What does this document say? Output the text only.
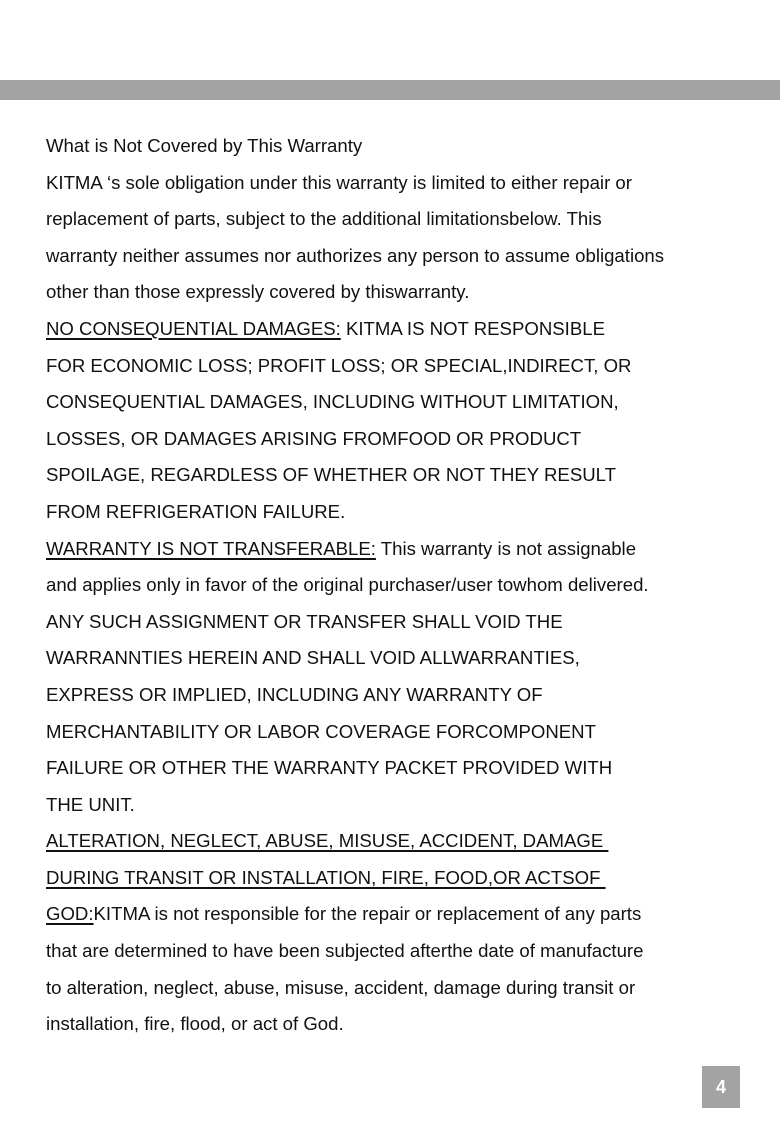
What is Not Covered by This Warranty
KITMA ‘s sole obligation under this warranty is limited to either repair or
replacement of parts, subject to the additional limitationsbelow. This
warranty neither assumes nor authorizes any person to assume obligations
other than those expressly covered by thiswarranty.
NO CONSEQUENTIAL DAMAGES: KITMA IS NOT RESPONSIBLE
FOR ECONOMIC LOSS; PROFIT LOSS; OR SPECIAL,INDIRECT, OR
CONSEQUENTIAL DAMAGES, INCLUDING WITHOUT LIMITATION,
LOSSES, OR DAMAGES ARISING FROMFOOD OR PRODUCT
SPOILAGE, REGARDLESS OF WHETHER OR NOT THEY RESULT
FROM REFRIGERATION FAILURE.
WARRANTY IS NOT TRANSFERABLE: This warranty is not assignable
and applies only in favor of the original purchaser/user towhom delivered.
ANY SUCH ASSIGNMENT OR TRANSFER SHALL VOID THE
WARRANNTIES HEREIN AND SHALL VOID ALLWARRANTIES,
EXPRESS OR IMPLIED, INCLUDING ANY WARRANTY OF
MERCHANTABILITY OR LABOR COVERAGE FORCOMPONENT
FAILURE OR OTHER THE WARRANTY PACKET PROVIDED WITH
THE UNIT.
ALTERATION, NEGLECT, ABUSE, MISUSE, ACCIDENT, DAMAGE
DURING TRANSIT OR INSTALLATION, FIRE, FOOD,OR ACTSOF
GOD:KITMA is not responsible for the repair or replacement of any parts
that are determined to have been subjected afterthe date of manufacture
to alteration, neglect, abuse, misuse, accident, damage during transit or
installation, fire, flood, or act of God.
4
